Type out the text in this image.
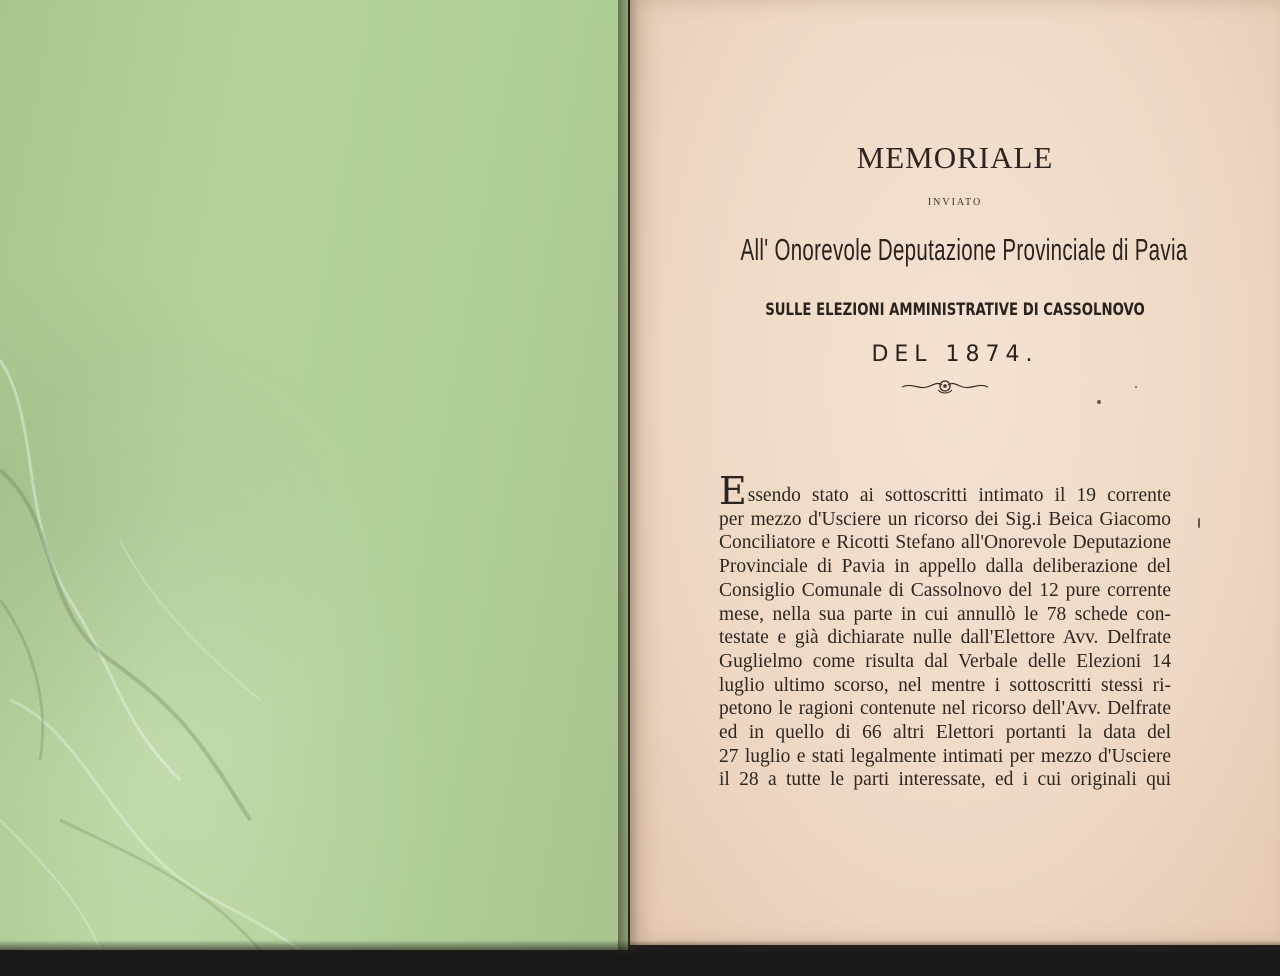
MEMORIALE
INVIATO
All' Onorevole Deputazione Provinciale di Pavia
SULLE ELEZIONI AMMINISTRATIVE DI CASSOLNOVO
DEL 1874.
Essendo stato ai sottoscritti intimato il 19 corrente
per mezzo d'Usciere un ricorso dei Sig.i Beica Giacomo
Conciliatore e Ricotti Stefano all'Onorevole Deputazione
Provinciale di Pavia in appello dalla deliberazione del
Consiglio Comunale di Cassolnovo del 12 pure corrente
mese, nella sua parte in cui annullò le 78 schede con-
testate e già dichiarate nulle dall'Elettore Avv. Delfrate
Guglielmo come risulta dal Verbale delle Elezioni 14
luglio ultimo scorso, nel mentre i sottoscritti stessi ri-
petono le ragioni contenute nel ricorso dell'Avv. Delfrate
ed in quello di 66 altri Elettori portanti la data del
27 luglio e stati legalmente intimati per mezzo d'Usciere
il 28 a tutte le parti interessate, ed i cui originali qui
